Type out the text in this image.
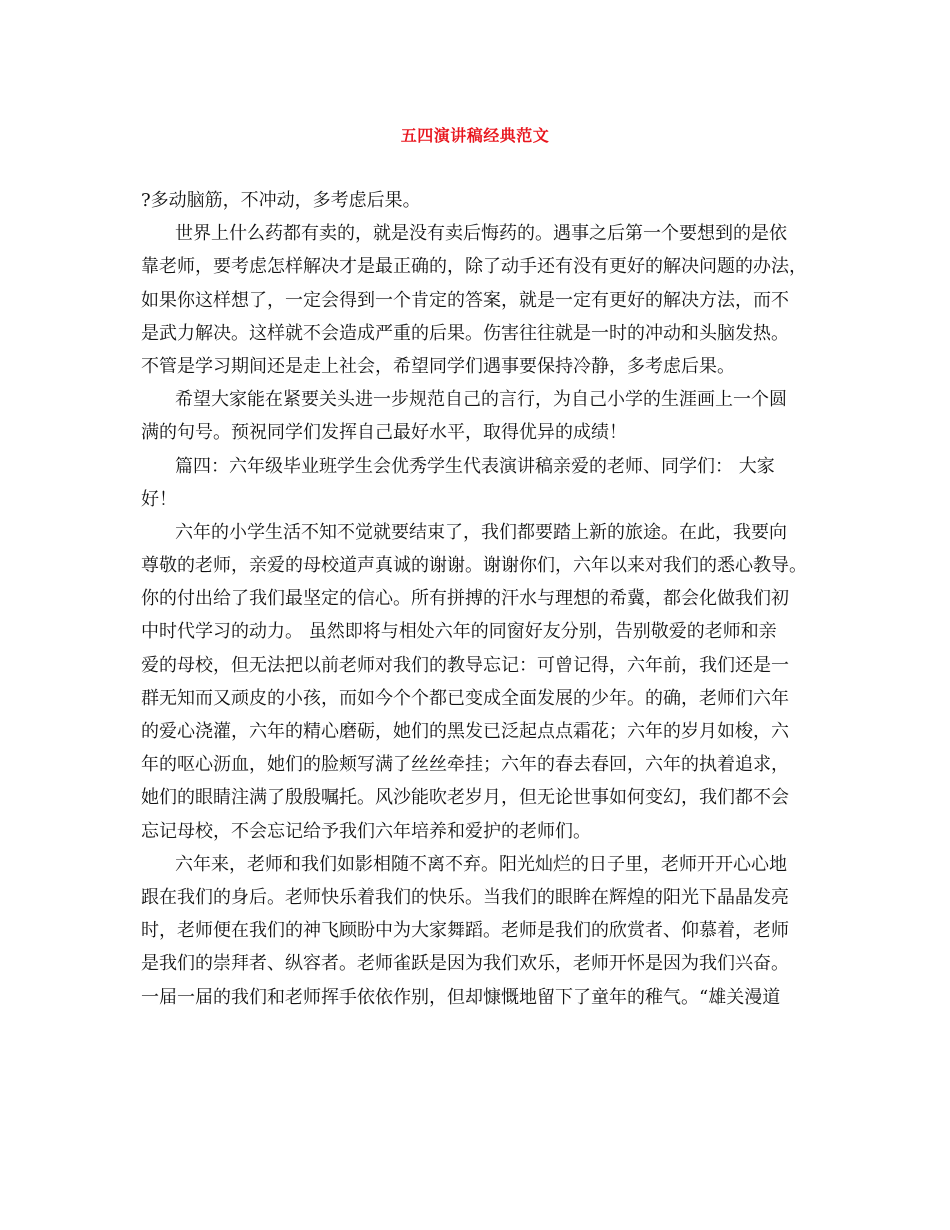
五四演讲稿经典范文
?多动脑筋，不冲动，多考虑后果。
世界上什么药都有卖的，就是没有卖后悔药的。遇事之后第一个要想到的是依
靠老师，要考虑怎样解决才是最正确的，除了动手还有没有更好的解决问题的办法，
如果你这样想了，一定会得到一个肯定的答案，就是一定有更好的解决方法，而不
是武力解决。这样就不会造成严重的后果。伤害往往就是一时的冲动和头脑发热。
不管是学习期间还是走上社会，希望同学们遇事要保持冷静，多考虑后果。
希望大家能在紧要关头进一步规范自己的言行，为自己小学的生涯画上一个圆
满的句号。预祝同学们发挥自己最好水平，取得优异的成绩！
篇四：六年级毕业班学生会优秀学生代表演讲稿亲爱的老师、同学们： 大家
好！
六年的小学生活不知不觉就要结束了，我们都要踏上新的旅途。在此，我要向
尊敬的老师，亲爱的母校道声真诚的谢谢。谢谢你们，六年以来对我们的悉心教导。
你的付出给了我们最坚定的信心。所有拼搏的汗水与理想的希冀，都会化做我们初
中时代学习的动力。 虽然即将与相处六年的同窗好友分别，告别敬爱的老师和亲
爱的母校，但无法把以前老师对我们的教导忘记：可曾记得，六年前，我们还是一
群无知而又顽皮的小孩，而如今个个都已变成全面发展的少年。的确，老师们六年
的爱心浇灌，六年的精心磨砺，她们的黑发已泛起点点霜花；六年的岁月如梭，六
年的呕心沥血，她们的脸颊写满了丝丝牵挂；六年的春去春回，六年的执着追求，
她们的眼睛注满了殷殷嘱托。风沙能吹老岁月，但无论世事如何变幻，我们都不会
忘记母校，不会忘记给予我们六年培养和爱护的老师们。
六年来，老师和我们如影相随不离不弃。阳光灿烂的日子里，老师开开心心地
跟在我们的身后。老师快乐着我们的快乐。当我们的眼眸在辉煌的阳光下晶晶发亮
时，老师便在我们的神飞顾盼中为大家舞蹈。老师是我们的欣赏者、仰慕着，老师
是我们的崇拜者、纵容者。老师雀跃是因为我们欢乐，老师开怀是因为我们兴奋。
一届一届的我们和老师挥手依依作别，但却慷慨地留下了童年的稚气。“雄关漫道
